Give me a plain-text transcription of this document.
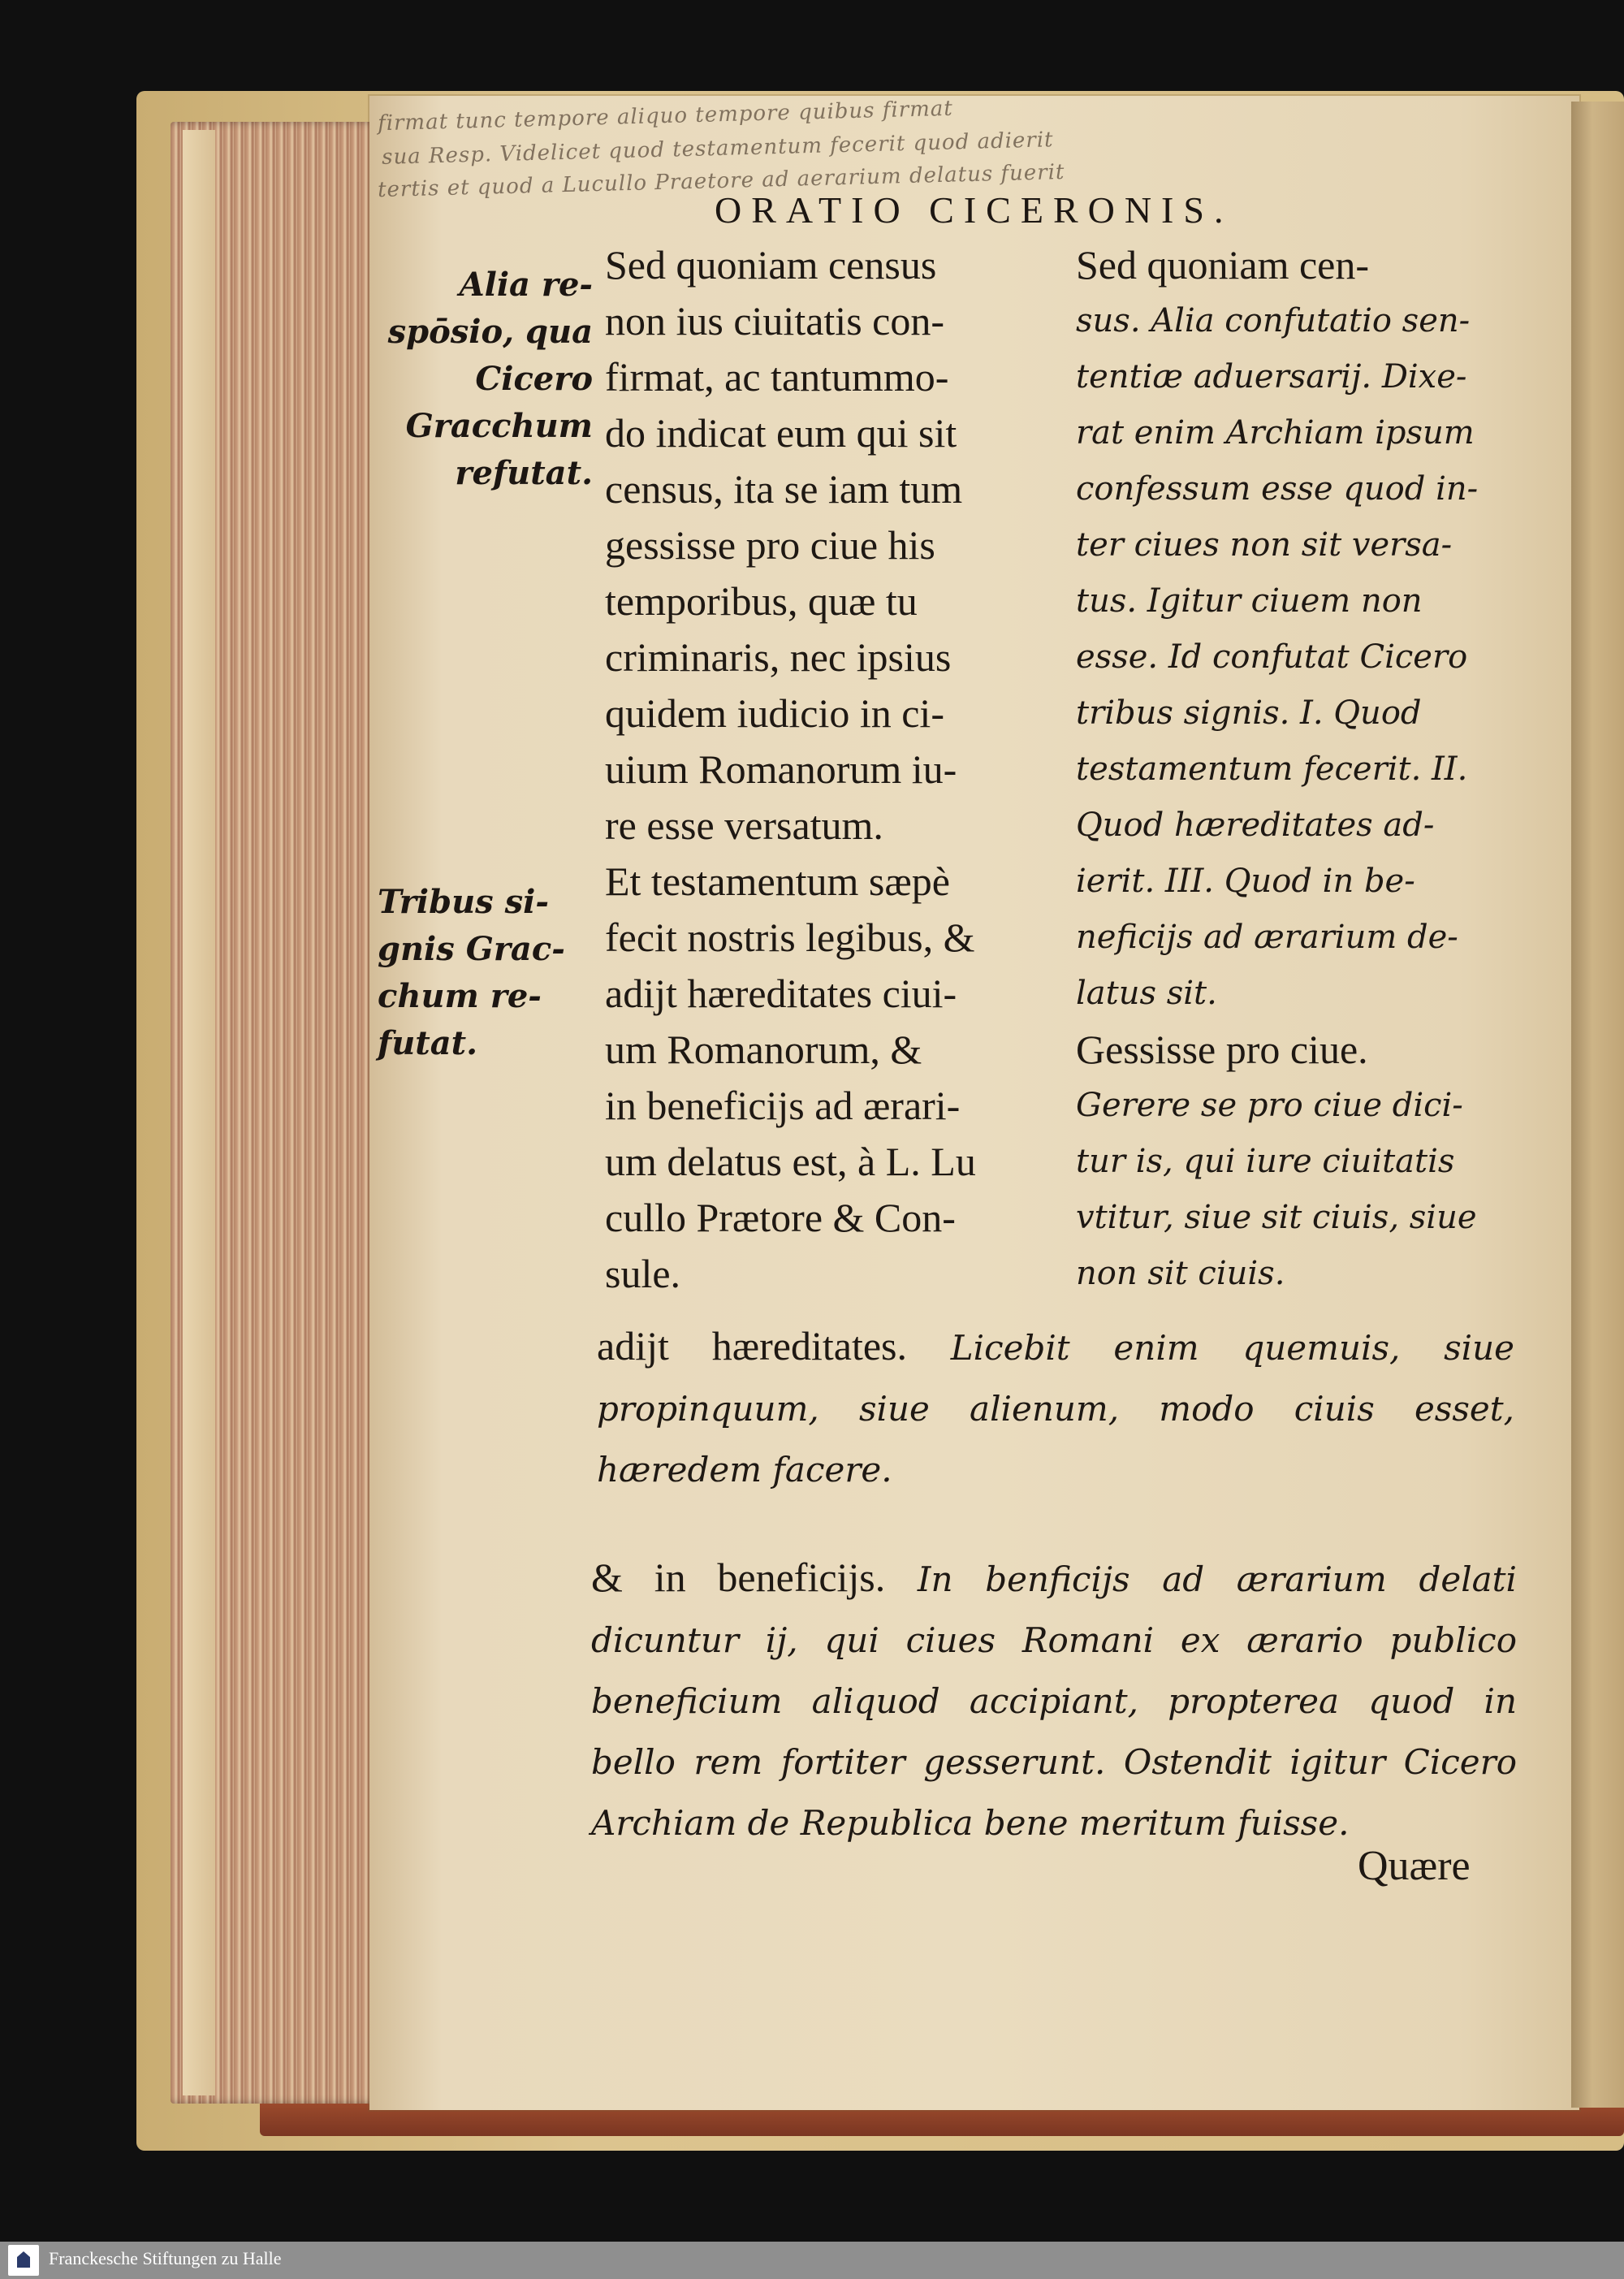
firmat tunc tempore aliquo tempore quibus firmat
sua Resp. Videlicet quod testamentum fecerit quod adierit
tertis et quod a Lucullo Praetore ad aerarium delatus fuerit
ORATIO CICERONIS.
Alia re-
spōsio, qua
Cicero
Gracchum
refutat.
Tribus si-
gnis Grac-
chum re-
futat.
Sed quoniam census
non ius ciuitatis con-
firmat, ac tantummo-
do indicat eum qui sit
census, ita se iam tum
gessisse pro ciue his
temporibus, quæ tu
criminaris, nec ipsius
quidem iudicio in ci-
uium Romanorum iu-
re esse versatum.
Et testamentum sæpè
fecit nostris legibus, &
adijt hæreditates ciui-
um Romanorum, &
in beneficijs ad ærari-
um delatus est, à L. Lu
cullo Prætore & Con-
sule.
Sed quoniam cen-
sus. Alia confutatio sen-
tentiæ aduersarij. Dixe-
rat enim Archiam ipsum
confessum esse quod in-
ter ciues non sit versa-
tus. Igitur ciuem non
esse. Id confutat Cicero
tribus signis. I. Quod
testamentum fecerit. II.
Quod hæreditates ad-
ierit. III. Quod in be-
neficijs ad ærarium de-
latus sit.
Gessisse pro ciue.
Gerere se pro ciue dici-
tur is, qui iure ciuitatis
vtitur, siue sit ciuis, siue
non sit ciuis.
adijt hæreditates. Licebit enim quemuis, siue propinquum, siue alienum, modo ciuis esset, hæredem facere.
& in beneficijs. In benficijs ad ærarium delati dicuntur ij, qui ciues Romani ex ærario publico beneficium aliquod accipiant, propterea quod in bello rem fortiter gesserunt. Ostendit igitur Cicero Archiam de Republica bene meritum fuisse.
Quære
Franckesche Stiftungen zu Halle
